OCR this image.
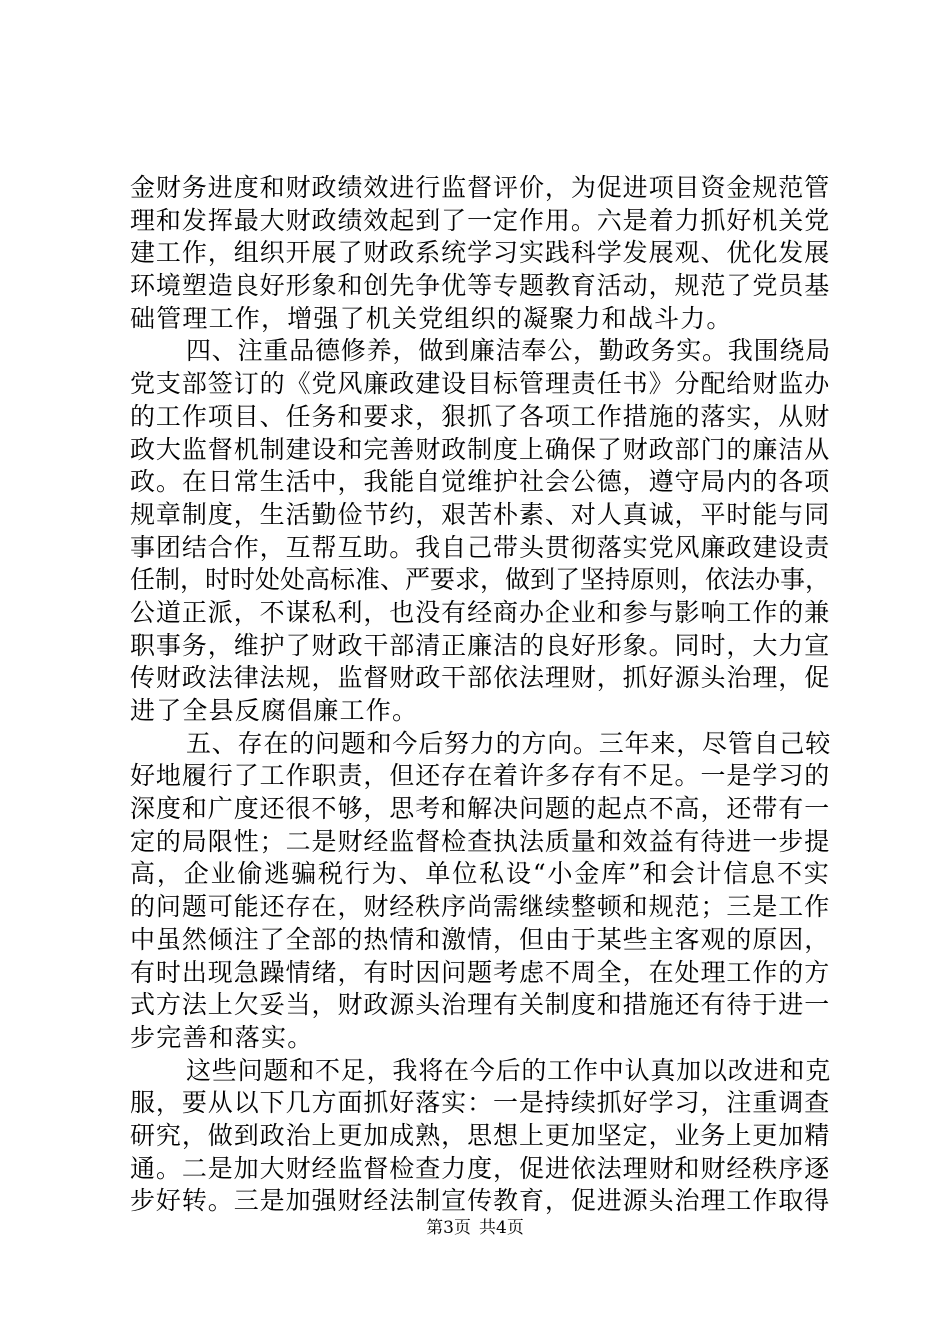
金财务进度和财政绩效进行监督评价，为促进项目资金规范管
理和发挥最大财政绩效起到了一定作用。六是着力抓好机关党
建工作，组织开展了财政系统学习实践科学发展观、优化发展
环境塑造良好形象和创先争优等专题教育活动，规范了党员基
础管理工作，增强了机关党组织的凝聚力和战斗力。
四、注重品德修养，做到廉洁奉公，勤政务实。我围绕局
党支部签订的《党风廉政建设目标管理责任书》分配给财监办
的工作项目、任务和要求，狠抓了各项工作措施的落实，从财
政大监督机制建设和完善财政制度上确保了财政部门的廉洁从
政。在日常生活中，我能自觉维护社会公德，遵守局内的各项
规章制度，生活勤俭节约，艰苦朴素、对人真诚，平时能与同
事团结合作，互帮互助。我自己带头贯彻落实党风廉政建设责
任制，时时处处高标准、严要求，做到了坚持原则，依法办事，
公道正派，不谋私利，也没有经商办企业和参与影响工作的兼
职事务，维护了财政干部清正廉洁的良好形象。同时，大力宣
传财政法律法规，监督财政干部依法理财，抓好源头治理，促
进了全县反腐倡廉工作。
五、存在的问题和今后努力的方向。三年来，尽管自己较
好地履行了工作职责，但还存在着许多存有不足。一是学习的
深度和广度还很不够，思考和解决问题的起点不高，还带有一
定的局限性；二是财经监督检查执法质量和效益有待进一步提
高，企业偷逃骗税行为、单位私设“小金库”和会计信息不实
的问题可能还存在，财经秩序尚需继续整顿和规范；三是工作
中虽然倾注了全部的热情和激情，但由于某些主客观的原因，
有时出现急躁情绪，有时因问题考虑不周全，在处理工作的方
式方法上欠妥当，财政源头治理有关制度和措施还有待于进一
步完善和落实。
这些问题和不足，我将在今后的工作中认真加以改进和克
服，要从以下几方面抓好落实：一是持续抓好学习，注重调查
研究，做到政治上更加成熟，思想上更加坚定，业务上更加精
通。二是加大财经监督检查力度，促进依法理财和财经秩序逐
步好转。三是加强财经法制宣传教育，促进源头治理工作取得
第3页 共4页
